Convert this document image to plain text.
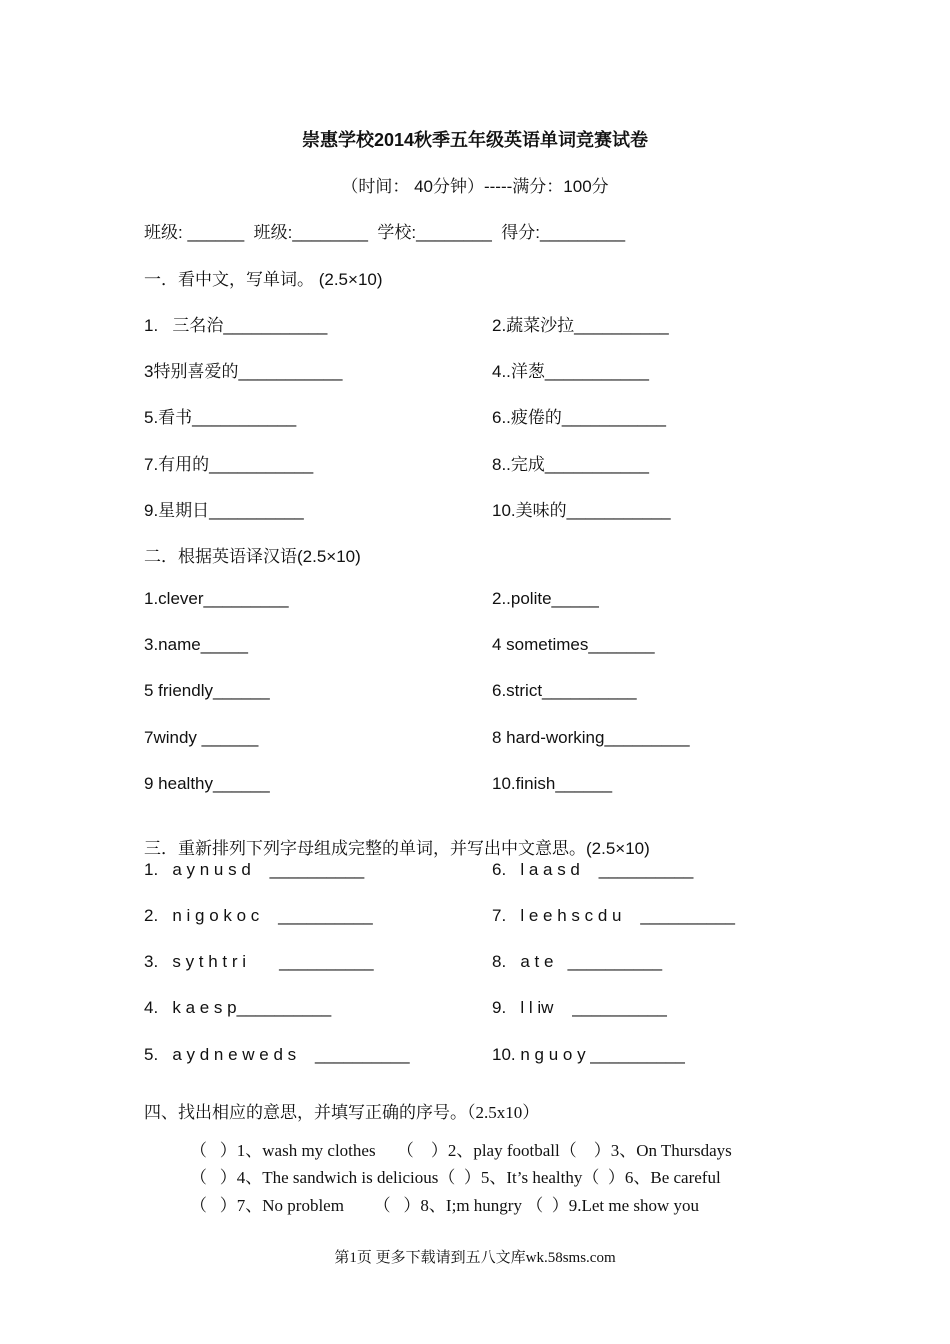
崇惠学校2014秋季五年级英语单词竞赛试卷
（时间： 40分钟）-----满分：100分
班级: ______  班级:________  学校:________  得分:_________
一．看中文，写单词。 (2.5×10)
1.   三名治___________	2.蔬菜沙拉__________
3特别喜爱的___________	4..洋葱___________
5.看书___________	6..疲倦的___________
7.有用的___________	8..完成___________
9.星期日__________	10.美味的___________
二．根据英语译汉语(2.5×10)
1.clever_________	2..polite_____
3.name_____	4 sometimes_______
5 friendly______	6.strict__________
7windy ______	8 hard-working_________
9 healthy______	10.finish______
三．重新排列下列字母组成完整的单词，并写出中文意思。(2.5×10)
1.   a y n u s d    __________	6.   l a a s d    __________
2.   n i g o k o c    __________	7.   l e e h s c d u    __________
3.   s y t h t r i       __________	8.   a t e   __________
4.   k a e s p__________	9.   l l iw    __________
5.   a y d n e w e d s    __________	10. n g u o y __________
四、找出相应的意思，并填写正确的序号。（2.5x10）
（   ）1、wash my clothes     （    ）2、play football（    ）3、On Thursdays
（   ）4、The sandwich is delicious（  ）5、It’s healthy（  ）6、Be careful
（   ）7、No problem       （   ）8、I;m hungry （  ）9.Let me show you
第1页 更多下载请到五八文库wk.58sms.com
